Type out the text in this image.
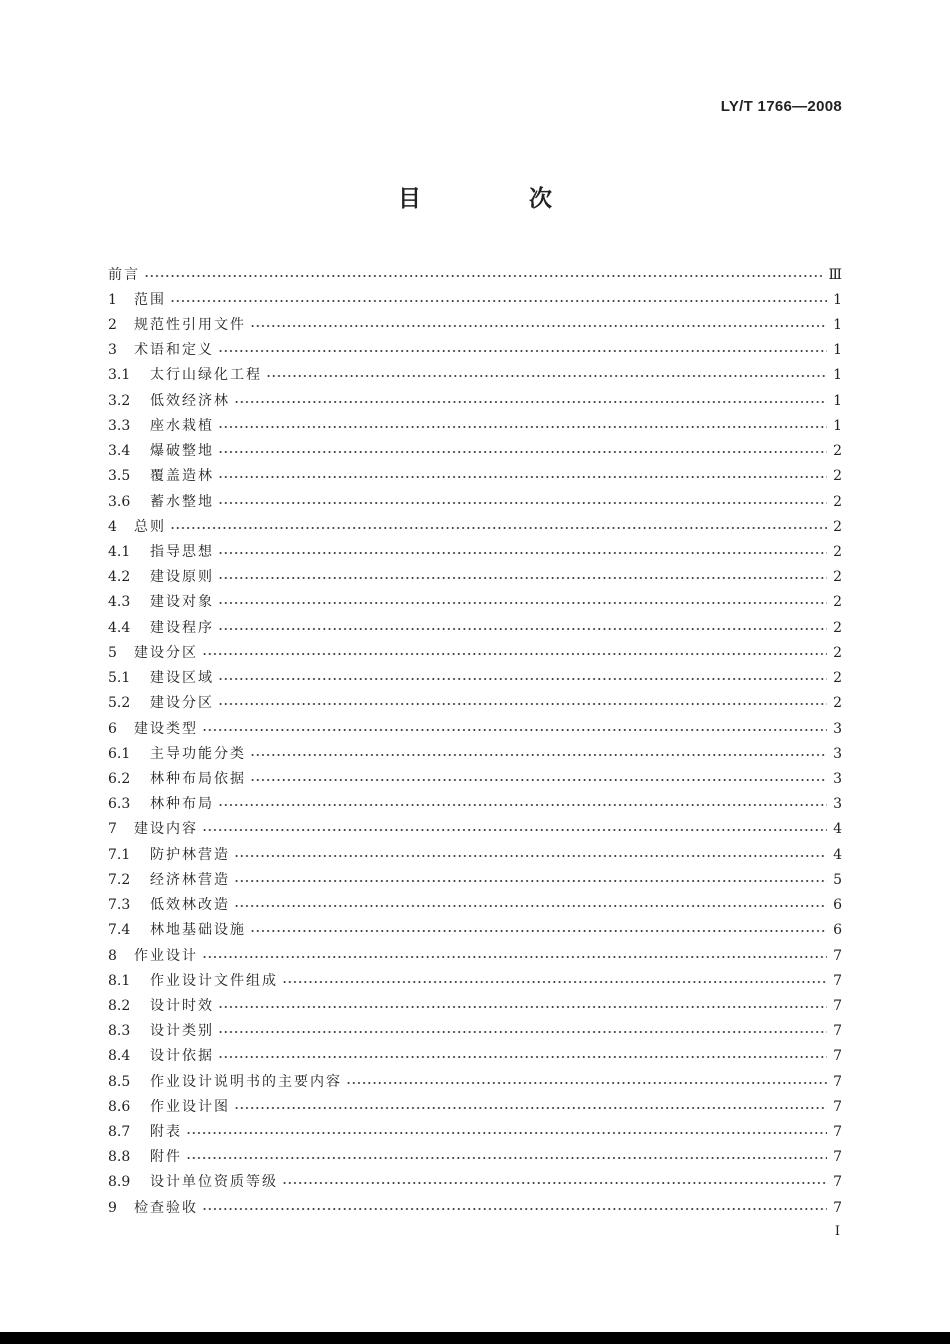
LY/T 1766—2008
目 次
前言	Ⅲ
1	范围	1
2	规范性引用文件	1
3	术语和定义	1
3.1	太行山绿化工程	1
3.2	低效经济林	1
3.3	座水栽植	1
3.4	爆破整地	2
3.5	覆盖造林	2
3.6	蓄水整地	2
4	总则	2
4.1	指导思想	2
4.2	建设原则	2
4.3	建设对象	2
4.4	建设程序	2
5	建设分区	2
5.1	建设区域	2
5.2	建设分区	2
6	建设类型	3
6.1	主导功能分类	3
6.2	林种布局依据	3
6.3	林种布局	3
7	建设内容	4
7.1	防护林营造	4
7.2	经济林营造	5
7.3	低效林改造	6
7.4	林地基础设施	6
8	作业设计	7
8.1	作业设计文件组成	7
8.2	设计时效	7
8.3	设计类别	7
8.4	设计依据	7
8.5	作业设计说明书的主要内容	7
8.6	作业设计图	7
8.7	附表	7
8.8	附件	7
8.9	设计单位资质等级	7
9	检查验收	7
I
